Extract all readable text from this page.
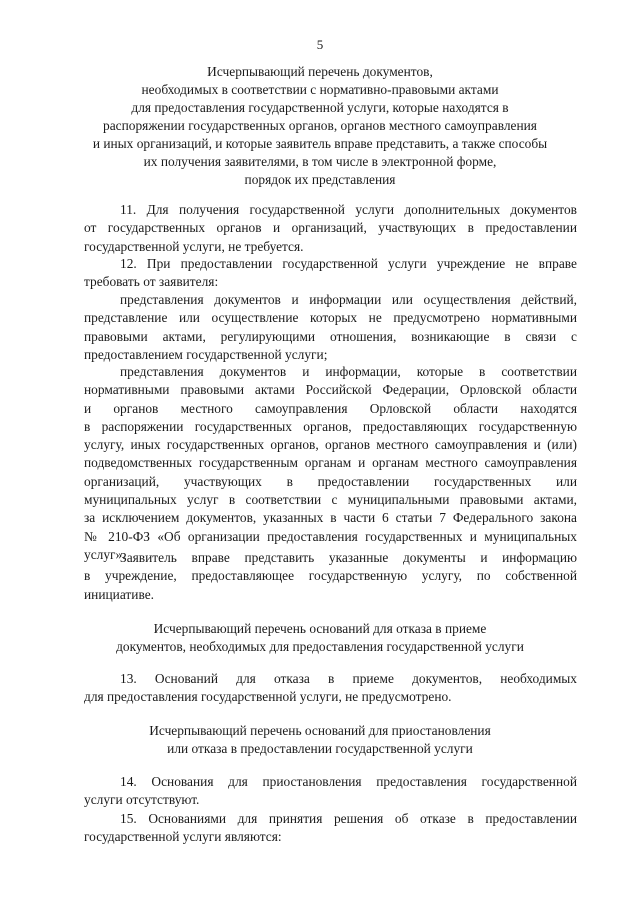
5
Исчерпывающий перечень документов,
необходимых в соответствии с нормативно-правовыми актами
для предоставления государственной услуги, которые находятся в
распоряжении государственных органов, органов местного самоуправления
и иных организаций, и которые заявитель вправе представить, а также способы
их получения заявителями, в том числе в электронной форме,
порядок их представления
11. Для получения государственной услуги дополнительных документов
от государственных органов и организаций, участвующих в предоставлении
государственной услуги, не требуется.
12. При предоставлении государственной услуги учреждение не вправе
требовать от заявителя:
представления документов и информации или осуществления действий,
представление или осуществление которых не предусмотрено нормативными
правовыми актами, регулирующими отношения, возникающие в связи с
предоставлением государственной услуги;
представления документов и информации, которые в соответствии
нормативными правовыми актами Российской Федерации, Орловской области
и органов местного самоуправления Орловской области находятся
в распоряжении государственных органов, предоставляющих государственную
услугу, иных государственных органов, органов местного самоуправления и (или)
подведомственных государственным органам и органам местного самоуправления
организаций, участвующих в предоставлении государственных или
муниципальных услуг в соответствии с муниципальными правовыми актами,
за исключением документов, указанных в части 6 статьи 7 Федерального закона
№ 210-ФЗ «Об организации предоставления государственных и муниципальных
услуг».
Заявитель вправе представить указанные документы и информацию
в учреждение, предоставляющее государственную услугу, по собственной
инициативе.
Исчерпывающий перечень оснований для отказа в приеме
документов, необходимых для предоставления государственной услуги
13. Оснований для отказа в приеме документов, необходимых
для предоставления государственной услуги, не предусмотрено.
Исчерпывающий перечень оснований для приостановления
или отказа в предоставлении государственной услуги
14. Основания для приостановления предоставления государственной
услуги отсутствуют.
15. Основаниями для принятия решения об отказе в предоставлении
государственной услуги являются:
